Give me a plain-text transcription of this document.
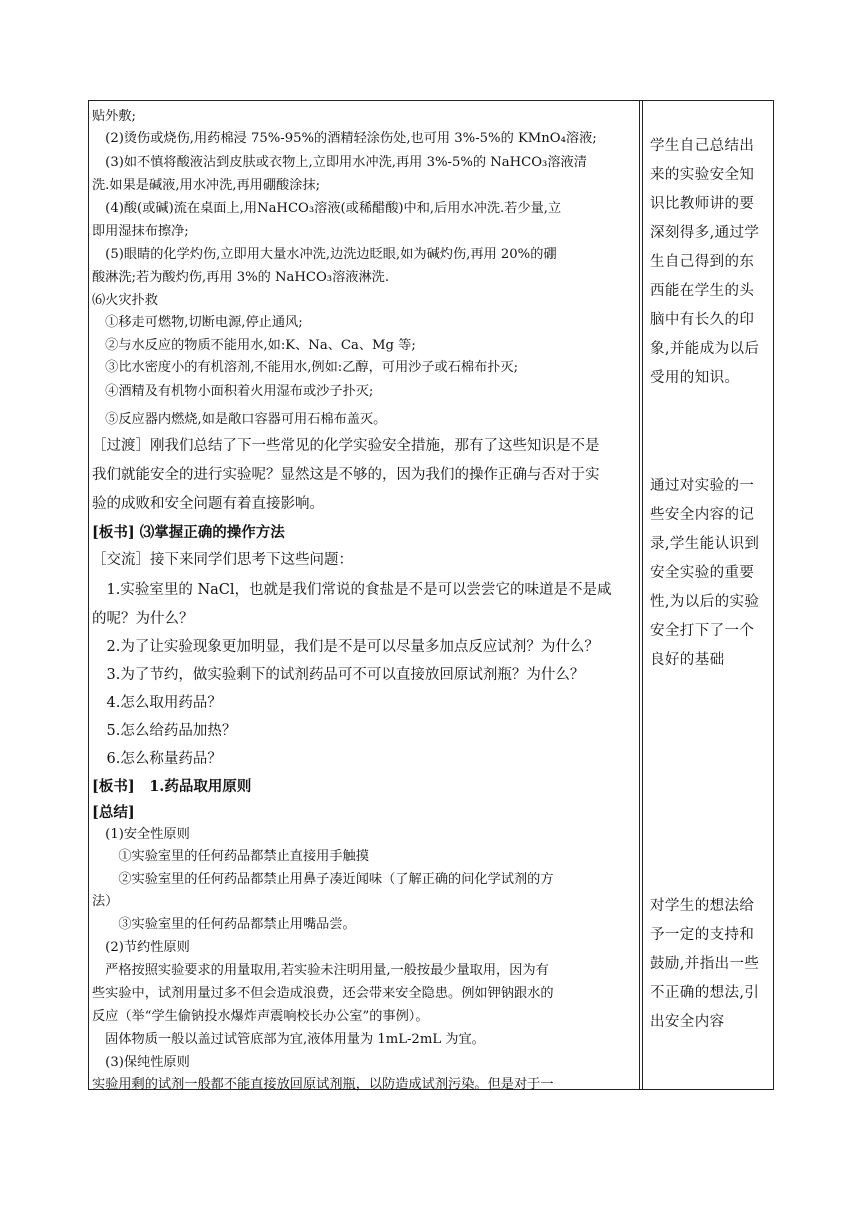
贴外敷;
　(2)烫伤或烧伤,用药棉浸 75%-95%的酒精轻涂伤处,也可用 3%-5%的 KMnO₄溶液;
　(3)如不慎将酸液沾到皮肤或衣物上,立即用水冲洗,再用 3%-5%的 NaHCO₃溶液清
洗.如果是碱液,用水冲洗,再用硼酸涂抹;
　(4)酸(或碱)流在桌面上,用NaHCO₃溶液(或稀醋酸)中和,后用水冲洗.若少量,立
即用湿抹布擦净;
　(5)眼睛的化学灼伤,立即用大量水冲洗,边洗边眨眼,如为碱灼伤,再用 20%的硼
酸淋洗;若为酸灼伤,再用 3%的 NaHCO₃溶液淋洗.
⑹火灾扑救
　①移走可燃物,切断电源,停止通风;
　②与水反应的物质不能用水,如:K、Na、Ca、Mg 等;
　③比水密度小的有机溶剂,不能用水,例如:乙醇，可用沙子或石棉布扑灭;
　④酒精及有机物小面积着火用湿布或沙子扑灭;
　⑤反应器内燃烧,如是敞口容器可用石棉布盖灭。
［过渡］刚我们总结了下一些常见的化学实验安全措施，那有了这些知识是不是
我们就能安全的进行实验呢？显然这是不够的，因为我们的操作正确与否对于实
验的成败和安全问题有着直接影响。
[板书] ⑶掌握正确的操作方法
［交流］接下来同学们思考下这些问题：
　1.实验室里的 NaCl，也就是我们常说的食盐是不是可以尝尝它的味道是不是咸
的呢？为什么？
　2.为了让实验现象更加明显，我们是不是可以尽量多加点反应试剂？为什么？
　3.为了节约，做实验剩下的试剂药品可不可以直接放回原试剂瓶？为什么？
　4.怎么取用药品？
　5.怎么给药品加热？
　6.怎么称量药品？
[板书]　1.药品取用原则
[总结]
　(1)安全性原则
　　①实验室里的任何药品都禁止直接用手触摸
　　②实验室里的任何药品都禁止用鼻子凑近闻味（了解正确的问化学试剂的方
法）
　　③实验室里的任何药品都禁止用嘴品尝。
　(2)节约性原则
　严格按照实验要求的用量取用,若实验未注明用量,一般按最少量取用，因为有
些实验中，试剂用量过多不但会造成浪费，还会带来安全隐患。例如钾钠跟水的
反应（举“学生偷钠投水爆炸声震响校长办公室”的事例）。
　固体物质一般以盖过试管底部为宜,液体用量为 1mL-2mL 为宜。
　(3)保纯性原则
实验用剩的试剂一般都不能直接放回原试剂瓶，以防造成试剂污染。但是对于一
学生自己总结出
来的实验安全知
识比教师讲的要
深刻得多,通过学
生自己得到的东
西能在学生的头
脑中有长久的印
象,并能成为以后
受用的知识。
通过对实验的一
些安全内容的记
录,学生能认识到
安全实验的重要
性,为以后的实验
安全打下了一个
良好的基础
对学生的想法给
予一定的支持和
鼓励,并指出一些
不正确的想法,引
出安全内容
